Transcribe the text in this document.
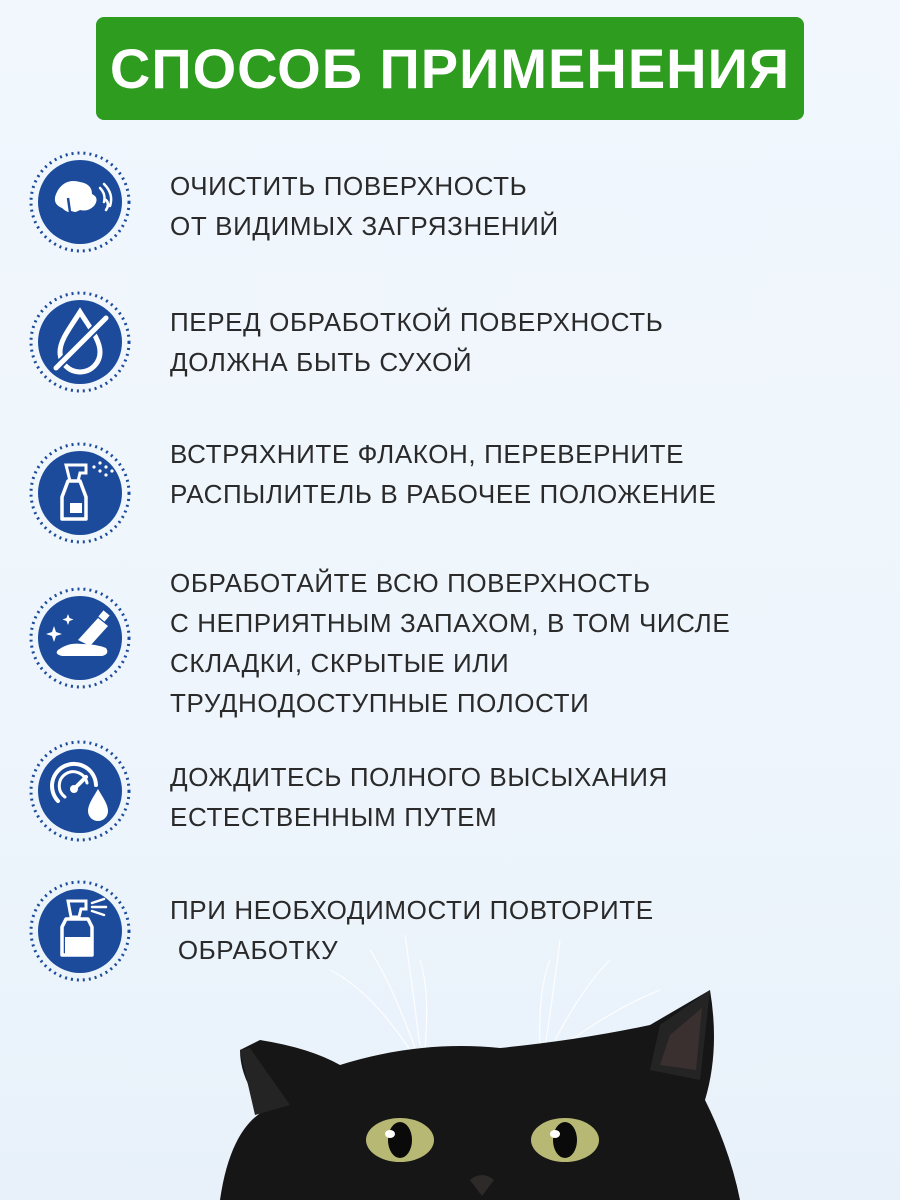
СПОСОБ ПРИМЕНЕНИЯ
ОЧИСТИТЬ ПОВЕРХНОСТЬ
ОТ ВИДИМЫХ ЗАГРЯЗНЕНИЙ
ПЕРЕД ОБРАБОТКОЙ ПОВЕРХНОСТЬ
ДОЛЖНА БЫТЬ СУХОЙ
ВСТРЯХНИТЕ ФЛАКОН, ПЕРЕВЕРНИТЕ
РАСПЫЛИТЕЛЬ В РАБОЧЕЕ ПОЛОЖЕНИЕ
ОБРАБОТАЙТЕ ВСЮ ПОВЕРХНОСТЬ
С НЕПРИЯТНЫМ ЗАПАХОМ, В ТОМ ЧИСЛЕ
СКЛАДКИ, СКРЫТЫЕ ИЛИ
ТРУДНОДОСТУПНЫЕ ПОЛОСТИ
ДОЖДИТЕСЬ ПОЛНОГО ВЫСЫХАНИЯ
ЕСТЕСТВЕННЫМ ПУТЕМ
ПРИ НЕОБХОДИМОСТИ ПОВТОРИТЕ
ОБРАБОТКУ
